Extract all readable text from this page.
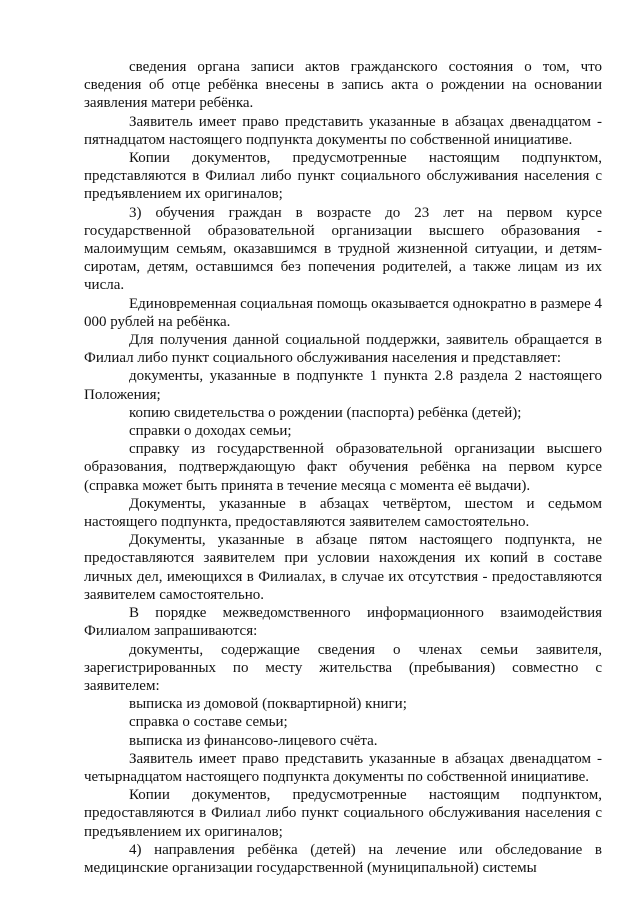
сведения органа записи актов гражданского состояния о том, что сведения об отце ребёнка внесены в запись акта о рождении на основании заявления матери ребёнка.

Заявитель имеет право представить указанные в абзацах двенадцатом - пятнадцатом настоящего подпункта документы по собственной инициативе.

Копии документов, предусмотренные настоящим подпунктом, представляются в Филиал либо пункт социального обслуживания населения с предъявлением их оригиналов;

3) обучения граждан в возрасте до 23 лет на первом курсе государственной образовательной организации высшего образования - малоимущим семьям, оказавшимся в трудной жизненной ситуации, и детям-сиротам, детям, оставшимся без попечения родителей, а также лицам из их числа.

Единовременная социальная помощь оказывается однократно в размере 4 000 рублей на ребёнка.

Для получения данной социальной поддержки, заявитель обращается в Филиал либо пункт социального обслуживания населения и представляет:

документы, указанные в подпункте 1 пункта 2.8 раздела 2 настоящего Положения;

копию свидетельства о рождении (паспорта) ребёнка (детей);

справки о доходах семьи;

справку из государственной образовательной организации высшего образования, подтверждающую факт обучения ребёнка на первом курсе (справка может быть принята в течение месяца с момента её выдачи).

Документы, указанные в абзацах четвёртом, шестом и седьмом настоящего подпункта, предоставляются заявителем самостоятельно.

Документы, указанные в абзаце пятом настоящего подпункта, не предоставляются заявителем при условии нахождения их копий в составе личных дел, имеющихся в Филиалах, в случае их отсутствия - предоставляются заявителем самостоятельно.

В порядке межведомственного информационного взаимодействия Филиалом запрашиваются:

документы, содержащие сведения о членах семьи заявителя, зарегистрированных по месту жительства (пребывания) совместно с заявителем:

выписка из домовой (поквартирной) книги;

справка о составе семьи;

выписка из финансово-лицевого счёта.

Заявитель имеет право представить указанные в абзацах двенадцатом - четырнадцатом настоящего подпункта документы по собственной инициативе.

Копии документов, предусмотренные настоящим подпунктом, предоставляются в Филиал либо пункт социального обслуживания населения с предъявлением их оригиналов;

4) направления ребёнка (детей) на лечение или обследование в медицинские организации государственной (муниципальной) системы
